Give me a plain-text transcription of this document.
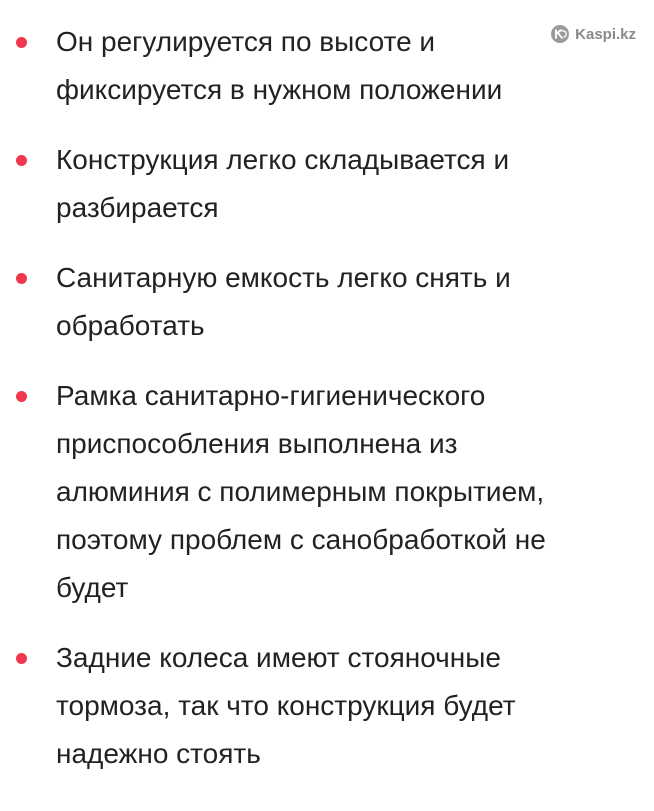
Kaspi.kz
Он регулируется по высоте и
фиксируется в нужном положении
Конструкция легко складывается и
разбирается
Санитарную емкость легко снять и
обработать
Рамка санитарно-гигиенического
приспособления выполнена из
алюминия с полимерным покрытием,
поэтому проблем с санобработкой не
будет
Задние колеса имеют стояночные
тормоза, так что конструкция будет
надежно стоять
